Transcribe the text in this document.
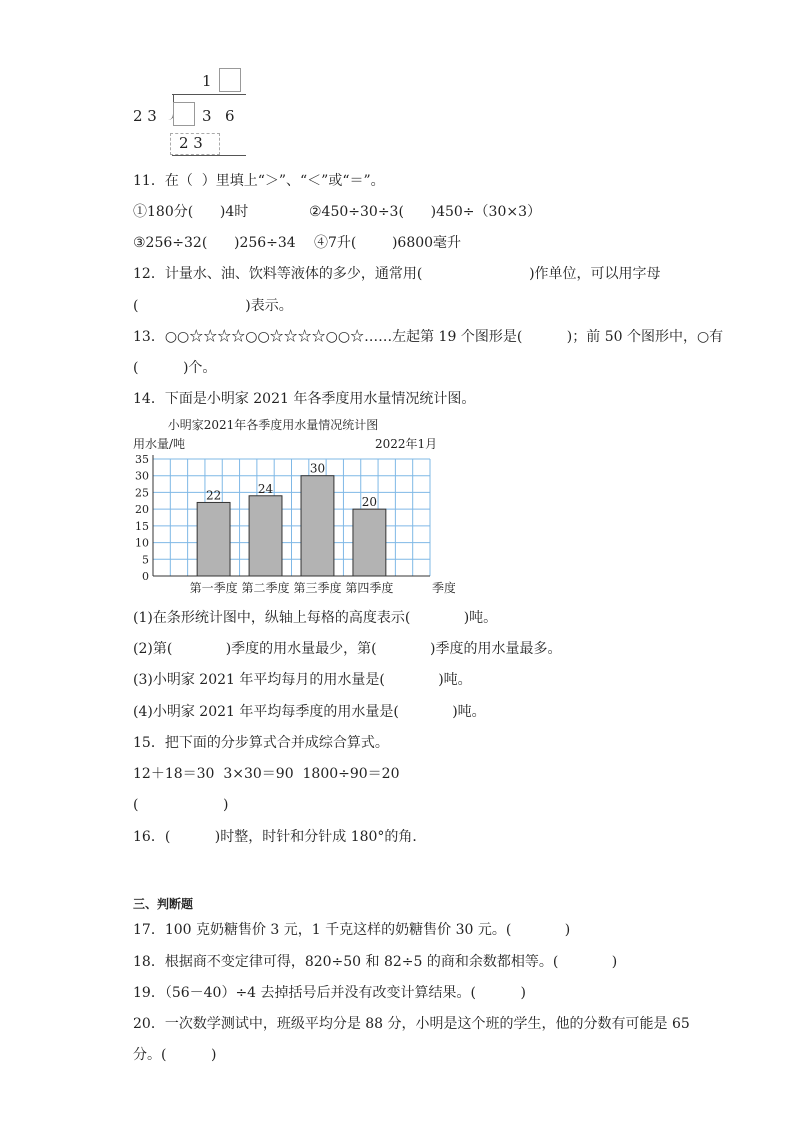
1
2 3	3 6
2 3
11．在（  ）里填上“＞”、“＜”或“＝”。
①180分(      )4时	②450÷30÷3(      )450÷（30×3）
③256÷32(      )256÷34 ④7升(        )6800毫升
12．计量水、油、饮料等液体的多少，通常用(                        )作单位，可以用字母
(                        )表示。
13．○○☆☆☆☆○○☆☆☆☆○○☆……左起第 19 个图形是(          )；前 50 个图形中，○有
(          )个。
14．下面是小明家 2021 年各季度用水量情况统计图。
小明家2021年各季度用水量情况统计图
用水量/吨	2022年1月
0
5
10
15
20
25
30
35
22
第一季度
24
第二季度
30
第三季度
20
第四季度	季度
(1)在条形统计图中，纵轴上每格的高度表示(            )吨。
(2)第(            )季度的用水量最少，第(            )季度的用水量最多。
(3)小明家 2021 年平均每月的用水量是(            )吨。
(4)小明家 2021 年平均每季度的用水量是(            )吨。
15．把下面的分步算式合并成综合算式。
12＋18＝30  3×30＝90  1800÷90＝20
(                   )
16．(          )时整，时针和分针成 180°的角．
三、判断题
17．100 克奶糖售价 3 元，1 千克这样的奶糖售价 30 元。(            )
18．根据商不变定律可得，820÷50 和 82÷5 的商和余数都相等。(            )
19．（56－40）÷4 去掉括号后并没有改变计算结果。(          )
20．一次数学测试中，班级平均分是 88 分，小明是这个班的学生，他的分数有可能是 65
分。(          )
